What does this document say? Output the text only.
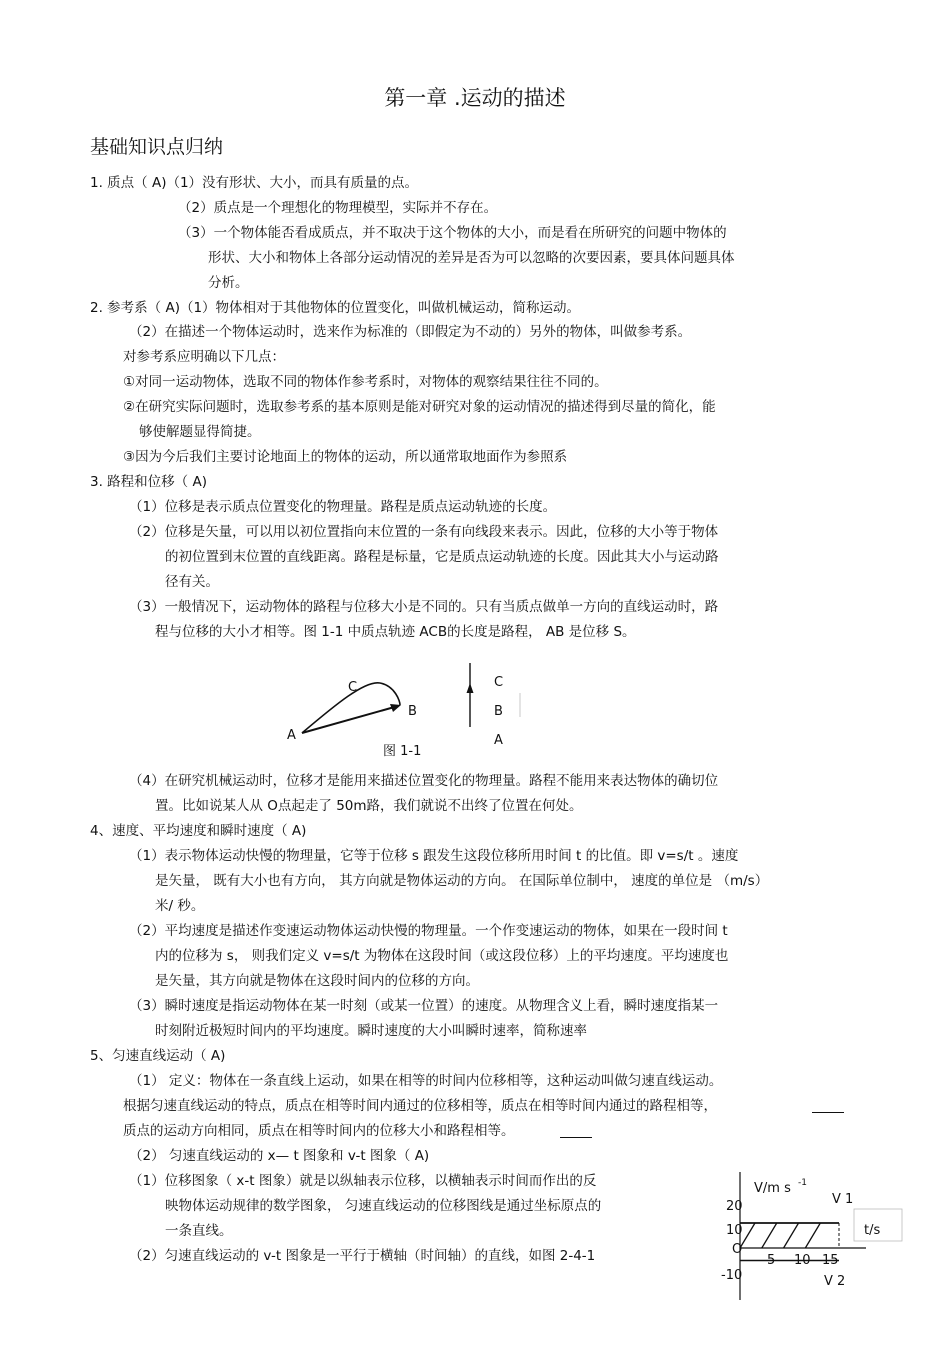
第一章 .运动的描述
基础知识点归纳
1. 质点（ A)（1）没有形状、大小，而具有质量的点。
（2）质点是一个理想化的物理模型，实际并不存在。
（3）一个物体能否看成质点，并不取决于这个物体的大小，而是看在所研究的问题中物体的
形状、大小和物体上各部分运动情况的差异是否为可以忽略的次要因素，要具体问题具体
分析。
2. 参考系（ A)（1）物体相对于其他物体的位置变化，叫做机械运动，简称运动。
（2）在描述一个物体运动时，选来作为标准的（即假定为不动的）另外的物体，叫做参考系。
对参考系应明确以下几点：
①对同一运动物体，选取不同的物体作参考系时，对物体的观察结果往往不同的。
②在研究实际问题时，选取参考系的基本原则是能对研究对象的运动情况的描述得到尽量的简化，能
够使解题显得简捷。
③因为今后我们主要讨论地面上的物体的运动，所以通常取地面作为参照系
3. 路程和位移（ A)
（1）位移是表示质点位置变化的物理量。路程是质点运动轨迹的长度。
（2）位移是矢量，可以用以初位置指向末位置的一条有向线段来表示。因此，位移的大小等于物体
的初位置到末位置的直线距离。路程是标量，它是质点运动轨迹的长度。因此其大小与运动路
径有关。
（3）一般情况下，运动物体的路程与位移大小是不同的。只有当质点做单一方向的直线运动时，路
程与位移的大小才相等。图 1-1 中质点轨迹 ACB的长度是路程， AB 是位移 S。
A
B
C	C
B
A
图 1-1
（4）在研究机械运动时，位移才是能用来描述位置变化的物理量。路程不能用来表达物体的确切位
置。比如说某人从 O点起走了 50m路，我们就说不出终了位置在何处。
4、速度、平均速度和瞬时速度（ A)
（1）表示物体运动快慢的物理量，它等于位移 s 跟发生这段位移所用时间 t 的比值。即 v=s/t 。速度
是矢量， 既有大小也有方向， 其方向就是物体运动的方向。 在国际单位制中， 速度的单位是 （m/s）
米/ 秒。
（2）平均速度是描述作变速运动物体运动快慢的物理量。一个作变速运动的物体，如果在一段时间 t
内的位移为 s， 则我们定义 v=s/t 为物体在这段时间（或这段位移）上的平均速度。平均速度也
是矢量，其方向就是物体在这段时间内的位移的方向。
（3）瞬时速度是指运动物体在某一时刻（或某一位置）的速度。从物理含义上看，瞬时速度指某一
时刻附近极短时间内的平均速度。瞬时速度的大小叫瞬时速率，简称速率
5、匀速直线运动（ A)
（1） 定义：物体在一条直线上运动，如果在相等的时间内位移相等，这种运动叫做匀速直线运动。
根据匀速直线运动的特点，质点在相等时间内通过的位移相等，质点在相等时间内通过的路程相等，
质点的运动方向相同，质点在相等时间内的位移大小和路程相等。
（2） 匀速直线运动的 x— t 图象和 v-t 图象（ A)
（1）位移图象（ x-t 图象）就是以纵轴表示位移，以横轴表示时间而作出的反
映物体运动规律的数学图象， 匀速直线运动的位移图线是通过坐标原点的
一条直线。
（2）匀速直线运动的 v-t 图象是一平行于横轴（时间轴）的直线，如图 2-4-1
V/m s -1
t/s
V 1
V 2
20
10
O
-10
5 10 15
